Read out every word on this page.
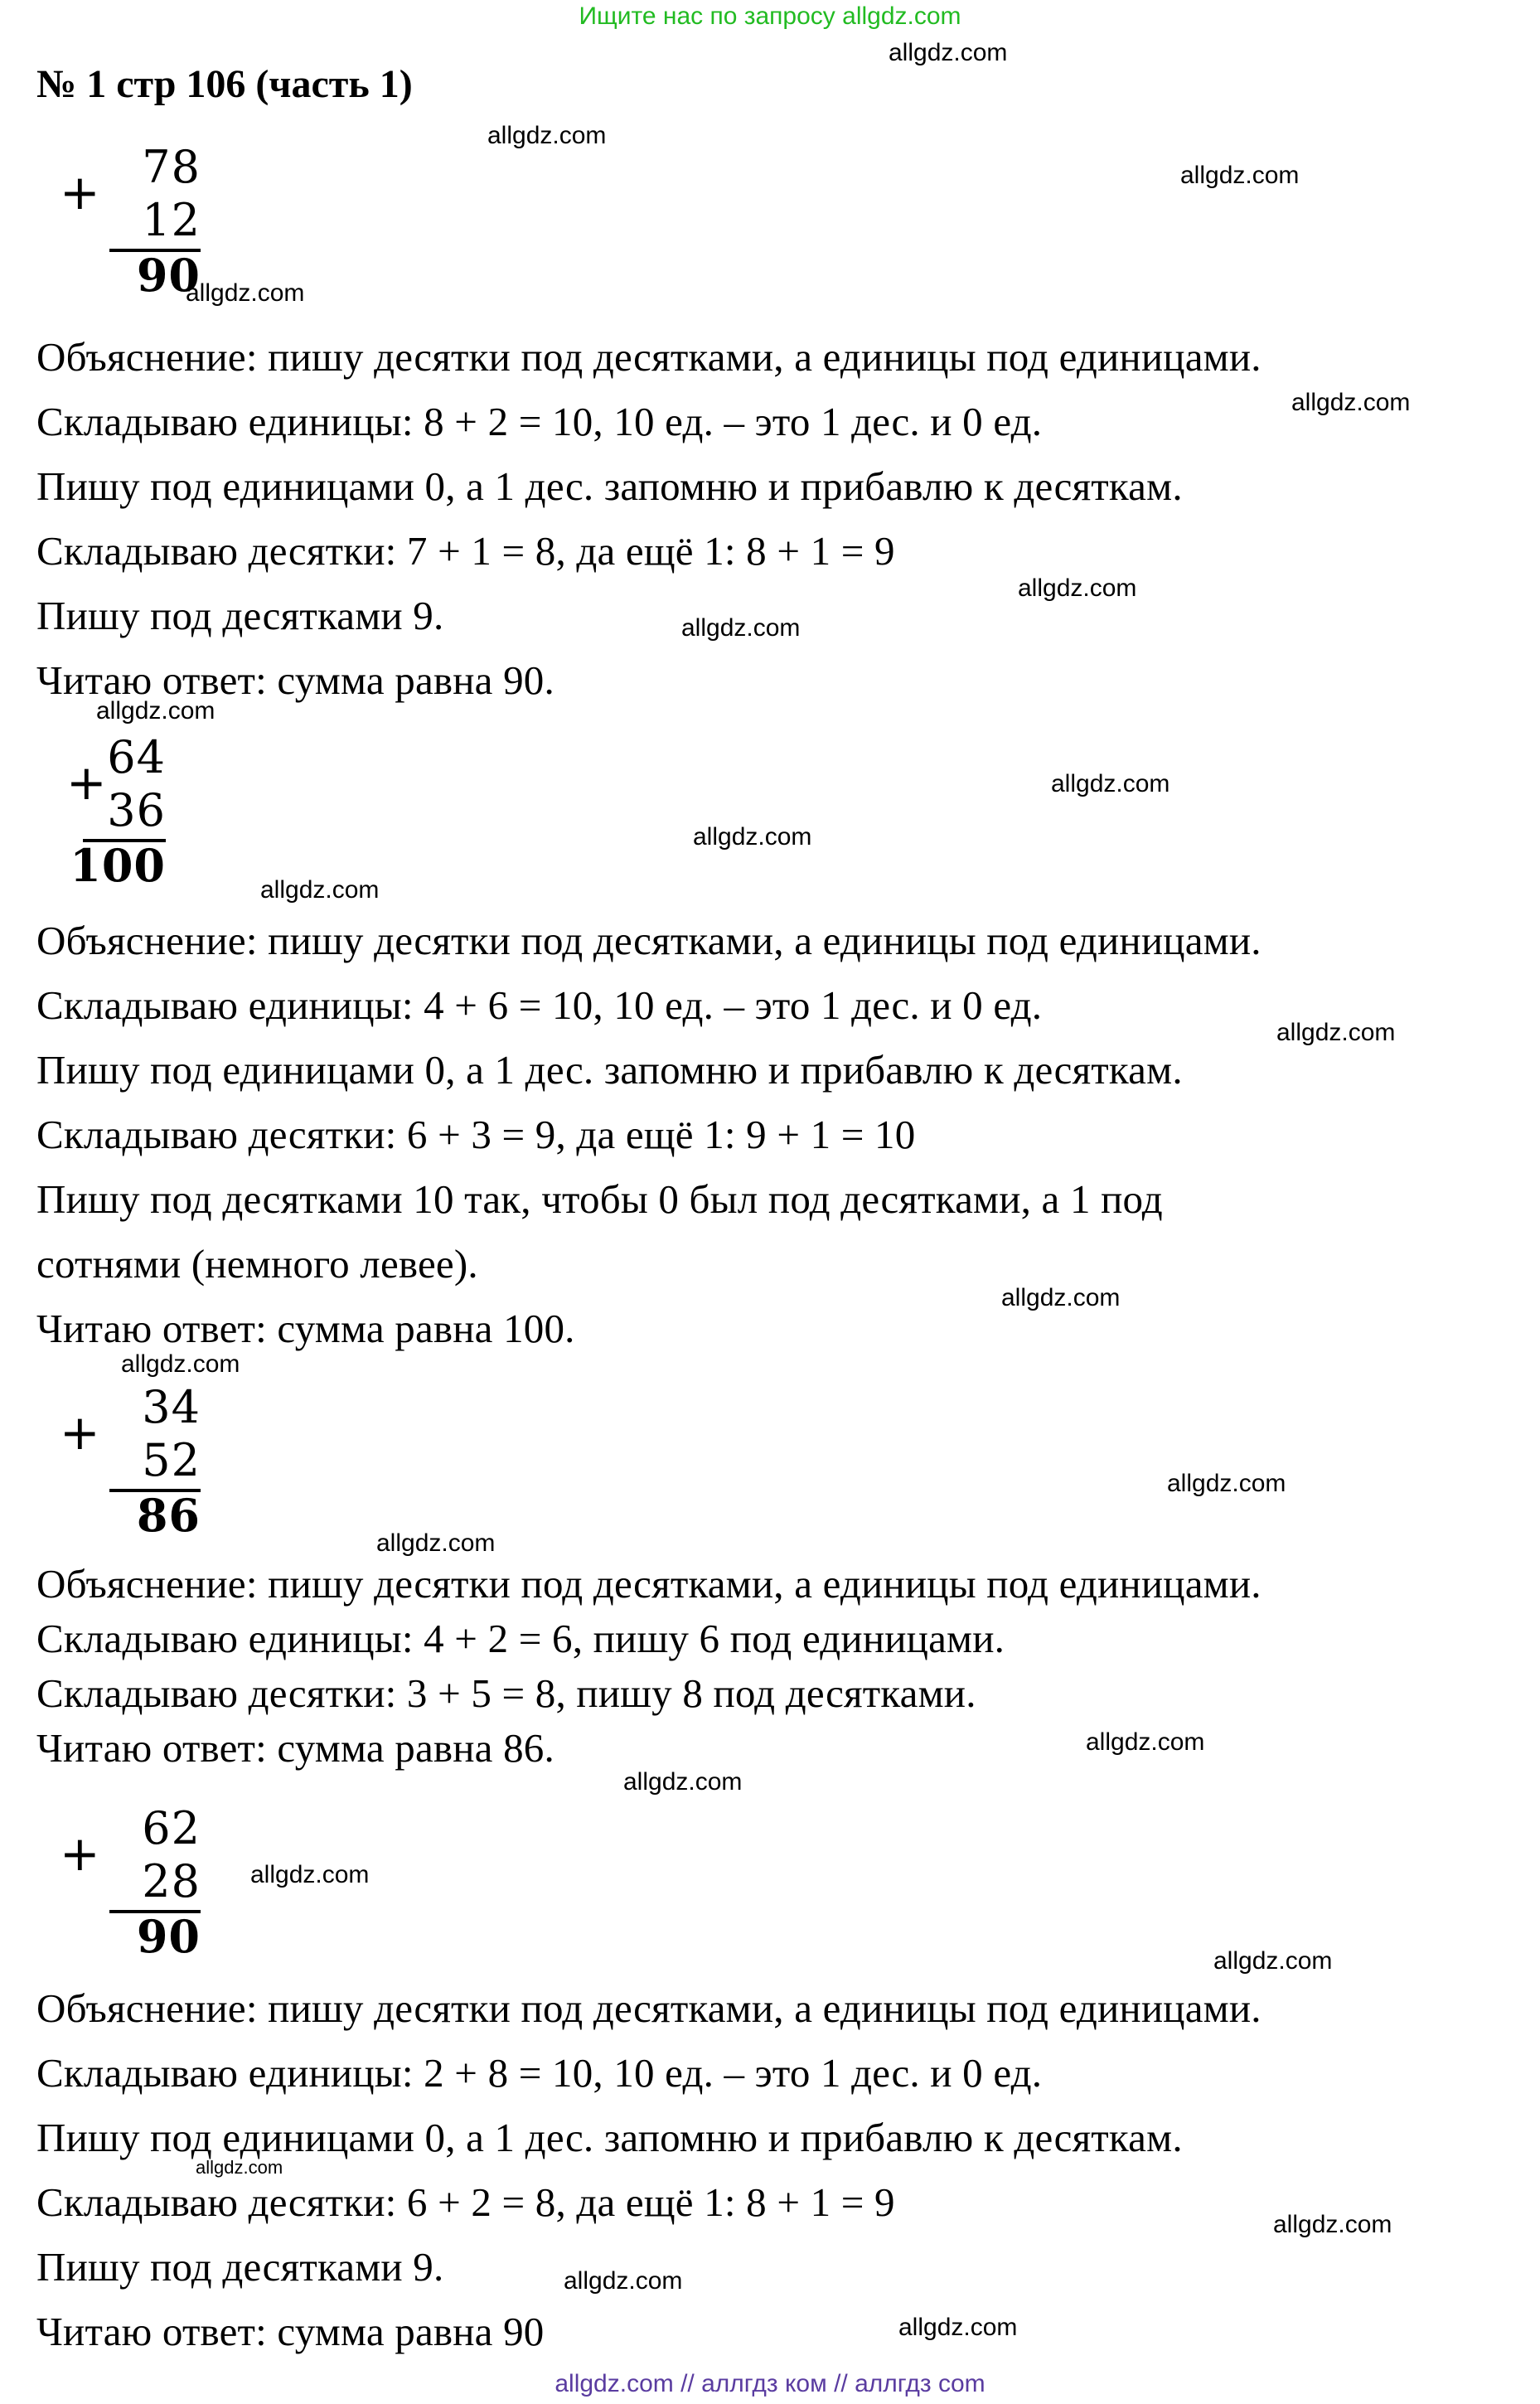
Ищите нас по запросу allgdz.com
№ 1 стр 106 (часть 1)
+ 78
12
90
Объяснение: пишу десятки под десятками, а единицы под единицами.
Складываю единицы: 8 + 2 = 10, 10 ед. – это 1 дес. и 0 ед.
Пишу под единицами 0, а 1 дес. запомню и прибавлю к десяткам.
Складываю десятки: 7 + 1 = 8, да ещё 1: 8 + 1 = 9
Пишу под десятками 9.
Читаю ответ: сумма равна 90.
+ 64
36
100
Объяснение: пишу десятки под десятками, а единицы под единицами.
Складываю единицы: 4 + 6 = 10, 10 ед. – это 1 дес. и 0 ед.
Пишу под единицами 0, а 1 дес. запомню и прибавлю к десяткам.
Складываю десятки: 6 + 3 = 9, да ещё 1: 9 + 1 = 10
Пишу под десятками 10 так, чтобы 0 был под десятками, а 1 под
сотнями (немного левее).
Читаю ответ: сумма равна 100.
+ 34
52
86
Объяснение: пишу десятки под десятками, а единицы под единицами.
Складываю единицы: 4 + 2 = 6, пишу 6 под единицами.
Складываю десятки: 3 + 5 = 8, пишу 8 под десятками.
Читаю ответ: сумма равна 86.
+ 62
28
90
Объяснение: пишу десятки под десятками, а единицы под единицами.
Складываю единицы: 2 + 8 = 10, 10 ед. – это 1 дес. и 0 ед.
Пишу под единицами 0, а 1 дес. запомню и прибавлю к десяткам.
Складываю десятки: 6 + 2 = 8, да ещё 1: 8 + 1 = 9
Пишу под десятками 9.
Читаю ответ: сумма равна 90
allgdz.com
allgdz.com
allgdz.com
allgdz.com
allgdz.com
allgdz.com
allgdz.com
allgdz.com
allgdz.com
allgdz.com
allgdz.com
allgdz.com
allgdz.com
allgdz.com
allgdz.com
allgdz.com
allgdz.com
allgdz.com
allgdz.com
allgdz.com
allgdz.com
allgdz.com
allgdz.com
allgdz.com
allgdz.com // аллгдз ком // аллгдз com
